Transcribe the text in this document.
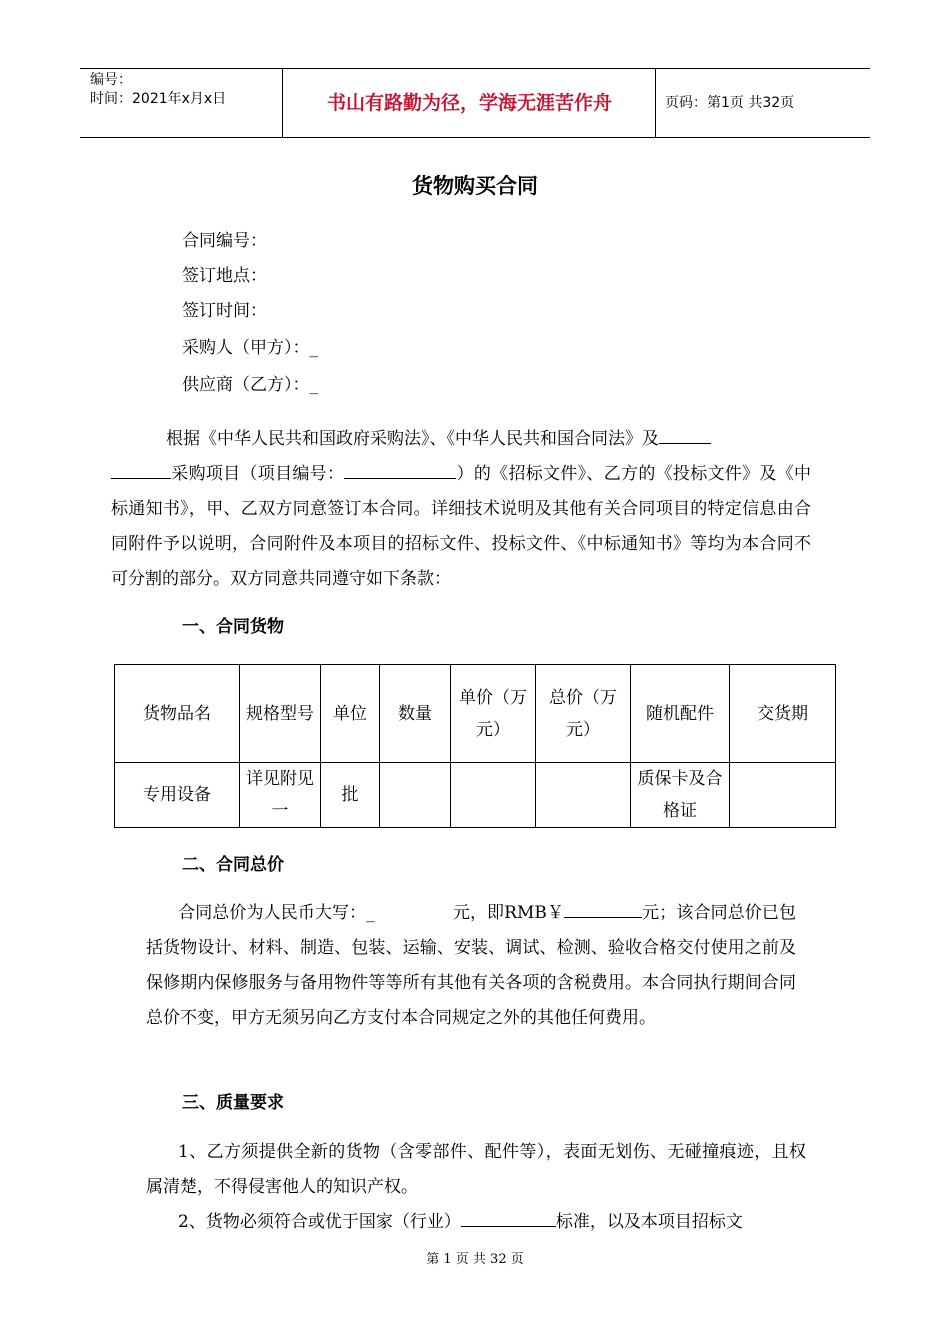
编号：
时间：2021年x月x日	书山有路勤为径，学海无涯苦作舟	页码：第1页 共32页
货物购买合同
合同编号：
签订地点：
签订时间：
采购人（甲方）：_
供应商（乙方）：_
根据《中华人民共和国政府采购法》、《中华人民共和国合同法》及
采购项目（项目编号：	）的《招标文件》、乙方的《投标文件》及《中标通知书》，甲、乙双方同意签订本合同。详细技术说明及其他有关合同项目的特定信息由合同附件予以说明，合同附件及本项目的招标文件、投标文件、《中标通知书》等均为本合同不可分割的部分。双方同意共同遵守如下条款：
一、合同货物
货物品名	规格型号	单位	数量	单价（万元）	总价（万元）	随机配件	交货期
专用设备	详见附见一	批				质保卡及合格证	
二、合同总价
合同总价为人民币大写：_	元，即RMB￥	元；该合同总价已包括货物设计、材料、制造、包装、运输、安装、调试、检测、验收合格交付使用之前及保修期内保修服务与备用物件等等所有其他有关各项的含税费用。本合同执行期间合同总价不变，甲方无须另向乙方支付本合同规定之外的其他任何费用。
三、质量要求
1、乙方须提供全新的货物（含零部件、配件等），表面无划伤、无碰撞痕迹，且权属清楚，不得侵害他人的知识产权。
2、货物必须符合或优于国家（行业）	标准，以及本项目招标文
第 1 页 共 32 页
